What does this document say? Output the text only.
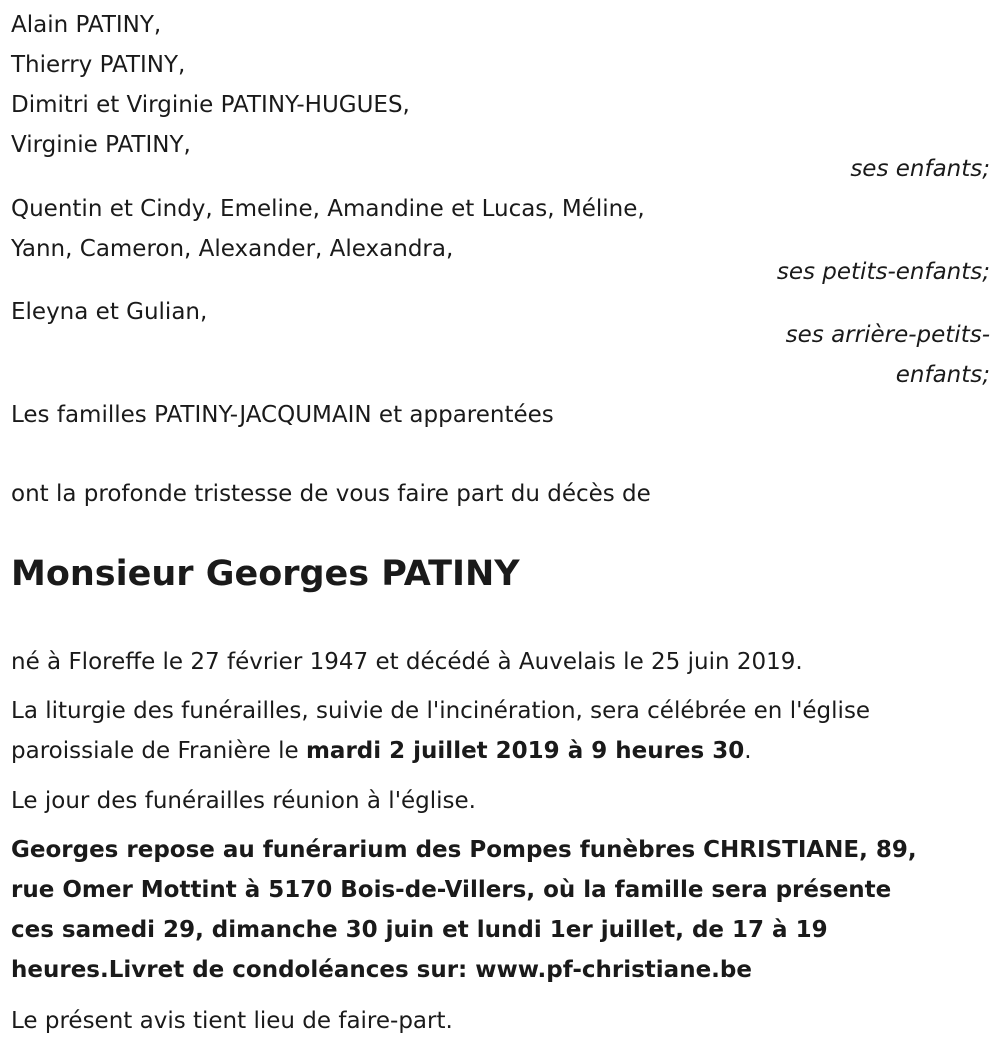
Alain PATINY,
Thierry PATINY,
Dimitri et Virginie PATINY-HUGUES,
Virginie PATINY,
ses enfants;
Quentin et Cindy, Emeline, Amandine et Lucas, Méline,
Yann, Cameron, Alexander, Alexandra,
ses petits-enfants;
Eleyna et Gulian,
ses arrière-petits-
enfants;
Les familles PATINY-JACQUMAIN et apparentées
ont la profonde tristesse de vous faire part du décès de
Monsieur Georges PATINY
né à Floreffe le 27 février 1947 et décédé à Auvelais le 25 juin 2019.
La liturgie des funérailles, suivie de l'incinération, sera célébrée en l'église
paroissiale de Franière le mardi 2 juillet 2019 à 9 heures 30.
Le jour des funérailles réunion à l'église.
Georges repose au funérarium des Pompes funèbres CHRISTIANE, 89,
rue Omer Mottint à 5170 Bois-de-Villers, où la famille sera présente
ces samedi 29, dimanche 30 juin et lundi 1er juillet, de 17 à 19
heures.Livret de condoléances sur: www.pf-christiane.be
Le présent avis tient lieu de faire-part.
